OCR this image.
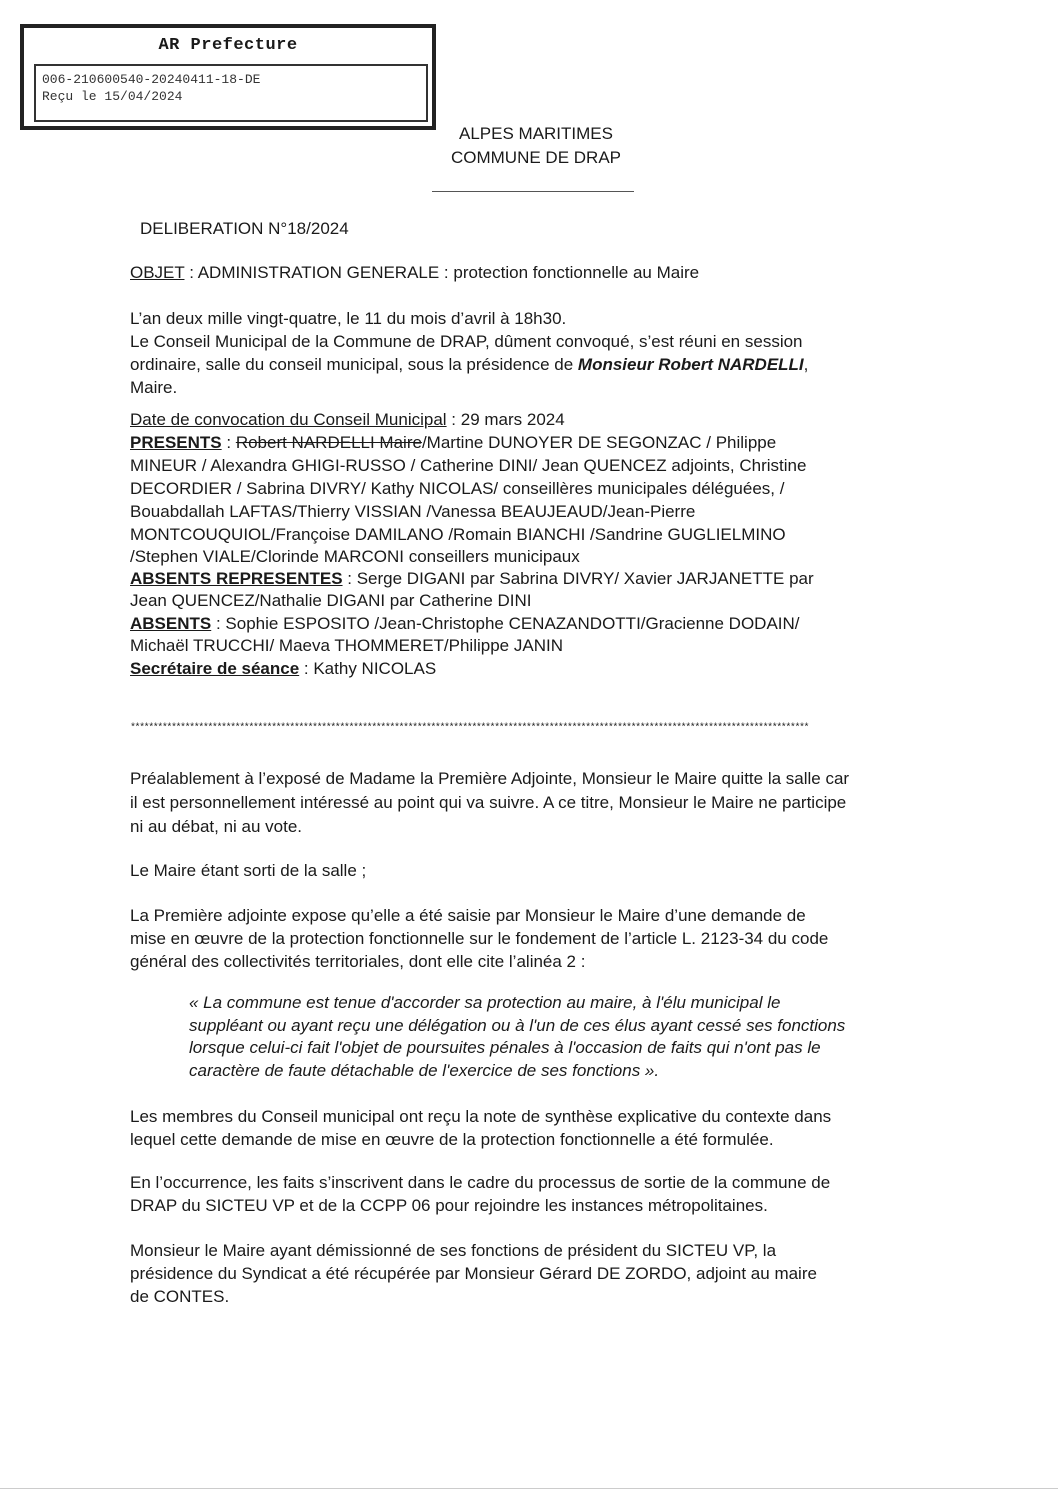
AR Prefecture
006-210600540-20240411-18-DE
Reçu le 15/04/2024
ALPES MARITIMES
COMMUNE DE DRAP

DELIBERATION N°18/2024

OBJET : ADMINISTRATION GENERALE : protection fonctionnelle au Maire

L’an deux mille vingt-quatre, le 11 du mois d’avril à 18h30.

Le Conseil Municipal de la Commune de DRAP, dûment convoqué, s’est réuni en session

ordinaire, salle du conseil municipal, sous la présidence de Monsieur Robert NARDELLI,

Maire.

Date de convocation du Conseil Municipal : 29 mars 2024

PRESENTS : Robert NARDELLI Maire/Martine DUNOYER DE SEGONZAC / Philippe

MINEUR / Alexandra GHIGI-RUSSO / Catherine DINI/ Jean QUENCEZ adjoints, Christine

DECORDIER / Sabrina DIVRY/ Kathy NICOLAS/ conseillères municipales déléguées, /

Bouabdallah LAFTAS/Thierry VISSIAN /Vanessa BEAUJEAUD/Jean-Pierre

MONTCOUQUIOL/Françoise DAMILANO /Romain BIANCHI /Sandrine GUGLIELMINO

/Stephen VIALE/Clorinde MARCONI conseillers municipaux

ABSENTS REPRESENTES : Serge DIGANI par Sabrina DIVRY/ Xavier JARJANETTE par

Jean QUENCEZ/Nathalie DIGANI par Catherine DINI

ABSENTS : Sophie ESPOSITO /Jean-Christophe CENAZANDOTTI/Gracienne DODAIN/

Michaël TRUCCHI/ Maeva THOMMERET/Philippe JANIN

Secrétaire de séance : Kathy NICOLAS

*****************************************************************************************************************************************************

Préalablement à l’exposé de Madame la Première Adjointe, Monsieur le Maire quitte la salle car

il est personnellement intéressé au point qui va suivre. A ce titre, Monsieur le Maire ne participe

ni au débat, ni au vote.

Le Maire étant sorti de la salle ;

La Première adjointe expose qu’elle a été saisie par Monsieur le Maire d’une demande de

mise en œuvre de la protection fonctionnelle sur le fondement de l’article L. 2123-34 du code

général des collectivités territoriales, dont elle cite l’alinéa 2 :

« La commune est tenue d'accorder sa protection au maire, à l'élu municipal le
suppléant ou ayant reçu une délégation ou à l'un de ces élus ayant cessé ses fonctions
lorsque celui-ci fait l'objet de poursuites pénales à l'occasion de faits qui n'ont pas le
caractère de faute détachable de l'exercice de ses fonctions ».

Les membres du Conseil municipal ont reçu la note de synthèse explicative du contexte dans

lequel cette demande de mise en œuvre de la protection fonctionnelle a été formulée.

En l’occurrence, les faits s’inscrivent dans le cadre du processus de sortie de la commune de

DRAP du SICTEU VP et de la CCPP 06 pour rejoindre les instances métropolitaines.

Monsieur le Maire ayant démissionné de ses fonctions de président du SICTEU VP, la

présidence du Syndicat a été récupérée par Monsieur Gérard DE ZORDO, adjoint au maire

de CONTES.
